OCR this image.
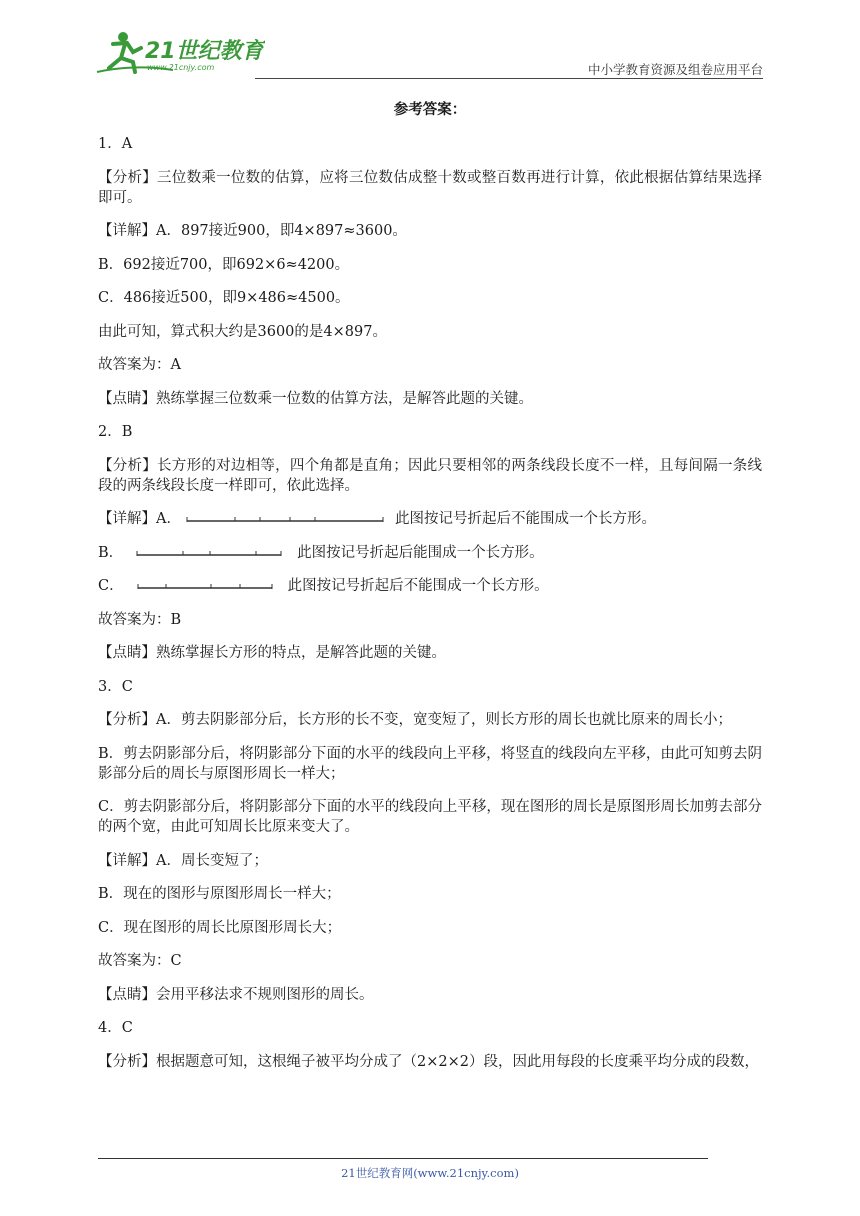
21世纪教育
www.21cnjy.com	中小学教育资源及组卷应用平台
参考答案：
1．A
【分析】三位数乘一位数的估算，应将三位数估成整十数或整百数再进行计算，依此根据估算结果选择即可。
【详解】A．897接近900，即4×897≈3600。
B．692接近700，即692×6≈4200。
C．486接近500，即9×486≈4500。
由此可知，算式积大约是3600的是4×897。
故答案为：A
【点睛】熟练掌握三位数乘一位数的估算方法，是解答此题的关键。
2．B
【分析】长方形的对边相等，四个角都是直角；因此只要相邻的两条线段长度不一样，且每间隔一条线段的两条线段长度一样即可，依此选择。
【详解】A．	此图按记号折起后不能围成一个长方形。
B．	此图按记号折起后能围成一个长方形。
C．	此图按记号折起后不能围成一个长方形。
故答案为：B
【点睛】熟练掌握长方形的特点，是解答此题的关键。
3．C
【分析】A．剪去阴影部分后，长方形的长不变，宽变短了，则长方形的周长也就比原来的周长小；
B．剪去阴影部分后，将阴影部分下面的水平的线段向上平移，将竖直的线段向左平移，由此可知剪去阴影部分后的周长与原图形周长一样大；
C．剪去阴影部分后，将阴影部分下面的水平的线段向上平移，现在图形的周长是原图形周长加剪去部分的两个宽，由此可知周长比原来变大了。
【详解】A．周长变短了；
B．现在的图形与原图形周长一样大；
C．现在图形的周长比原图形周长大；
故答案为：C
【点睛】会用平移法求不规则图形的周长。
4．C
【分析】根据题意可知，这根绳子被平均分成了（2×2×2）段，因此用每段的长度乘平均分成的段数，
21世纪教育网(www.21cnjy.com)
